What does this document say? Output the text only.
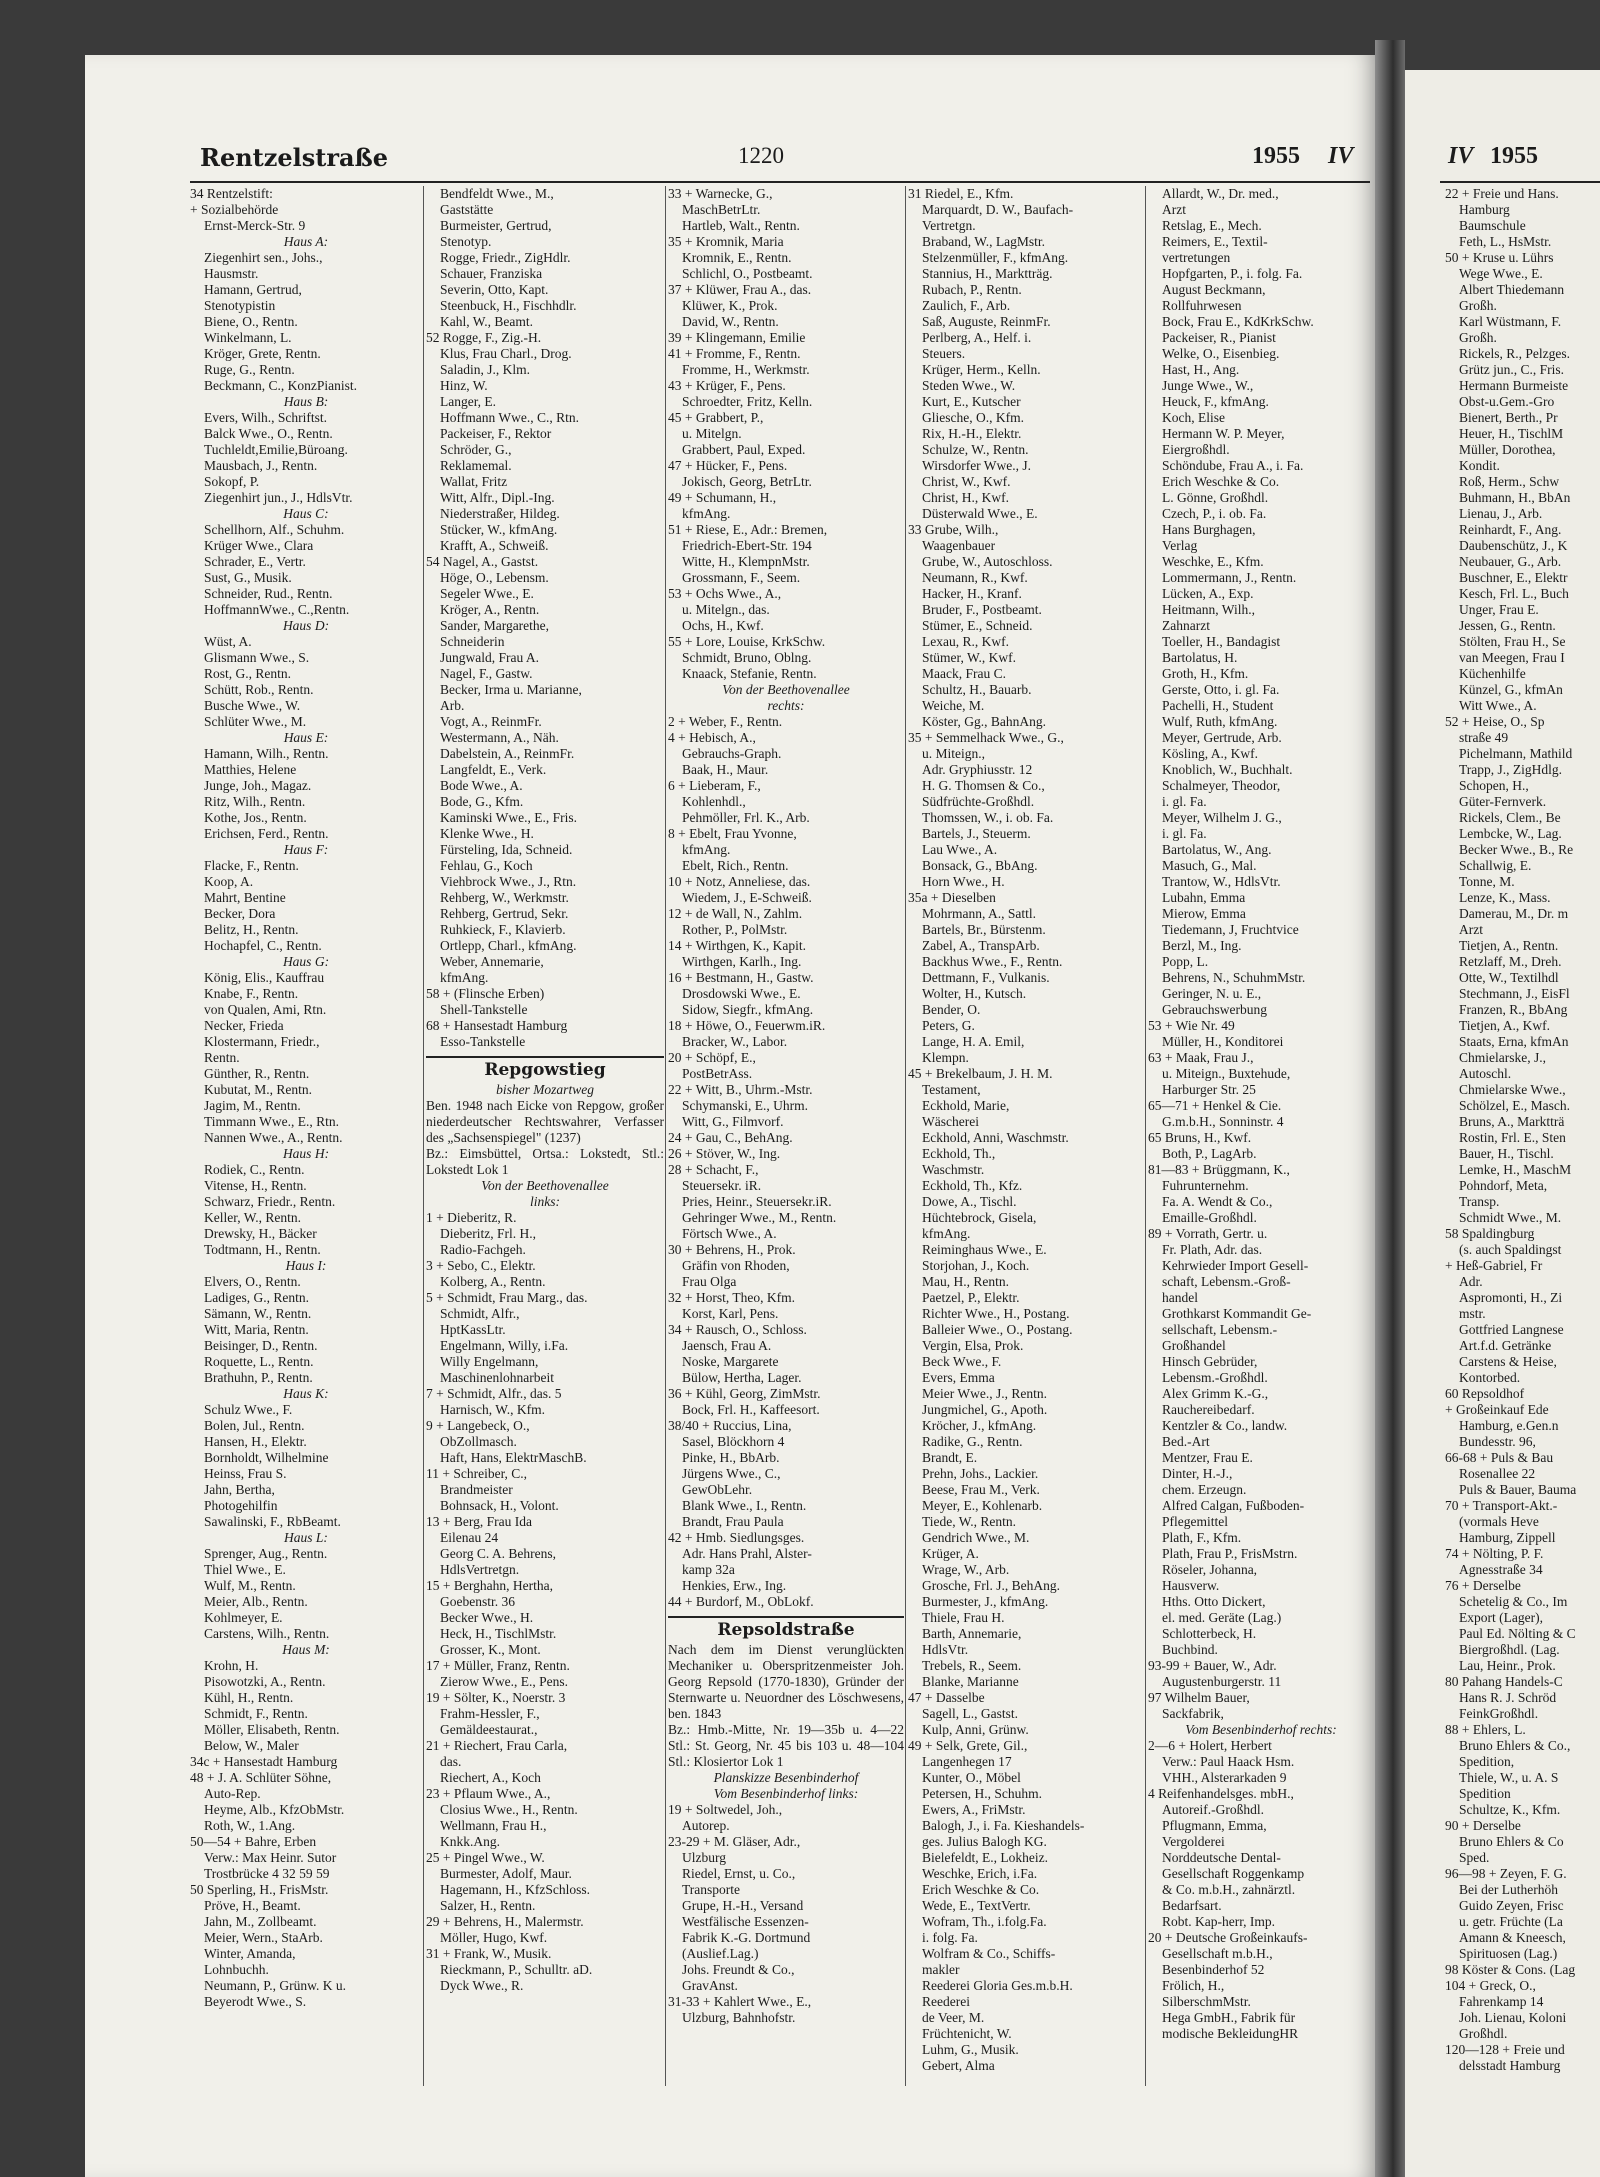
Rentzelstraße	1220	1955 IV	IV 1955
34 Rentzelstift:
+ Sozialbehörde
Ernst-Merck-Str. 9
Haus A:
Ziegenhirt sen., Johs.,
Hausmstr.
Hamann, Gertrud,
Stenotypistin
Biene, O., Rentn.
Winkelmann, L.
Kröger, Grete, Rentn.
Ruge, G., Rentn.
Beckmann, C., KonzPianist.
Haus B:
Evers, Wilh., Schriftst.
Balck Wwe., O., Rentn.
Tuchleldt,Emilie,Büroang.
Mausbach, J., Rentn.
Sokopf, P.
Ziegenhirt jun., J., HdlsVtr.
Haus C:
Schellhorn, Alf., Schuhm.
Krüger Wwe., Clara
Schrader, E., Vertr.
Sust, G., Musik.
Schneider, Rud., Rentn.
HoffmannWwe., C.,Rentn.
Haus D:
Wüst, A.
Glismann Wwe., S.
Rost, G., Rentn.
Schütt, Rob., Rentn.
Busche Wwe., W.
Schlüter Wwe., M.
Haus E:
Hamann, Wilh., Rentn.
Matthies, Helene
Junge, Joh., Magaz.
Ritz, Wilh., Rentn.
Kothe, Jos., Rentn.
Erichsen, Ferd., Rentn.
Haus F:
Flacke, F., Rentn.
Koop, A.
Mahrt, Bentine
Becker, Dora
Belitz, H., Rentn.
Hochapfel, C., Rentn.
Haus G:
König, Elis., Kauffrau
Knabe, F., Rentn.
von Qualen, Ami, Rtn.
Necker, Frieda
Klostermann, Friedr.,
Rentn.
Günther, R., Rentn.
Kubutat, M., Rentn.
Jagim, M., Rentn.
Timmann Wwe., E., Rtn.
Nannen Wwe., A., Rentn.
Haus H:
Rodiek, C., Rentn.
Vitense, H., Rentn.
Schwarz, Friedr., Rentn.
Keller, W., Rentn.
Drewsky, H., Bäcker
Todtmann, H., Rentn.
Haus I:
Elvers, O., Rentn.
Ladiges, G., Rentn.
Sämann, W., Rentn.
Witt, Maria, Rentn.
Beisinger, D., Rentn.
Roquette, L., Rentn.
Brathuhn, P., Rentn.
Haus K:
Schulz Wwe., F.
Bolen, Jul., Rentn.
Hansen, H., Elektr.
Bornholdt, Wilhelmine
Heinss, Frau S.
Jahn, Bertha,
Photogehilfin
Sawalinski, F., RbBeamt.
Haus L:
Sprenger, Aug., Rentn.
Thiel Wwe., E.
Wulf, M., Rentn.
Meier, Alb., Rentn.
Kohlmeyer, E.
Carstens, Wilh., Rentn.
Haus M:
Krohn, H.
Pisowotzki, A., Rentn.
Kühl, H., Rentn.
Schmidt, F., Rentn.
Möller, Elisabeth, Rentn.
Below, W., Maler
34c + Hansestadt Hamburg
48 + J. A. Schlüter Söhne,
Auto-Rep.
Heyme, Alb., KfzObMstr.
Roth, W., 1.Ang.
50—54 + Bahre, Erben
Verw.: Max Heinr. Sutor
Trostbrücke 4 32 59 59
50 Sperling, H., FrisMstr.
Pröve, H., Beamt.
Jahn, M., Zollbeamt.
Meier, Wern., StaArb.
Winter, Amanda,
Lohnbuchh.
Neumann, P., Grünw. K u.
Beyerodt Wwe., S.
Bendfeldt Wwe., M.,
Gaststätte
Burmeister, Gertrud,
Stenotyp.
Rogge, Friedr., ZigHdlr.
Schauer, Franziska
Severin, Otto, Kapt.
Steenbuck, H., Fischhdlr.
Kahl, W., Beamt.
52 Rogge, F., Zig.-H.
Klus, Frau Charl., Drog.
Saladin, J., Klm.
Hinz, W.
Langer, E.
Hoffmann Wwe., C., Rtn.
Packeiser, F., Rektor
Schröder, G.,
Reklamemal.
Wallat, Fritz
Witt, Alfr., Dipl.-Ing.
Niederstraßer, Hildeg.
Stücker, W., kfmAng.
Krafft, A., Schweiß.
54 Nagel, A., Gastst.
Höge, O., Lebensm.
Segeler Wwe., E.
Kröger, A., Rentn.
Sander, Margarethe,
Schneiderin
Jungwald, Frau A.
Nagel, F., Gastw.
Becker, Irma u. Marianne,
Arb.
Vogt, A., ReinmFr.
Westermann, A., Näh.
Dabelstein, A., ReinmFr.
Langfeldt, E., Verk.
Bode Wwe., A.
Bode, G., Kfm.
Kaminski Wwe., E., Fris.
Klenke Wwe., H.
Fürsteling, Ida, Schneid.
Fehlau, G., Koch
Viehbrock Wwe., J., Rtn.
Rehberg, W., Werkmstr.
Rehberg, Gertrud, Sekr.
Ruhkieck, F., Klavierb.
Ortlepp, Charl., kfmAng.
Weber, Annemarie,
kfmAng.
58 + (Flinsche Erben)
Shell-Tankstelle
68 + Hansestadt Hamburg
Esso-Tankstelle
Repgowstieg
bisher Mozartweg
Ben. 1948 nach Eicke von Repgow, großer niederdeutscher Rechtswahrer, Verfasser des „Sachsenspiegel" (1237)
Bz.: Eimsbüttel, Ortsa.: Lokstedt, Stl.: Lokstedt Lok 1
Von der Beethovenallee
links:
1 + Dieberitz, R.
Dieberitz, Frl. H.,
Radio-Fachgeh.
3 + Sebo, C., Elektr.
Kolberg, A., Rentn.
5 + Schmidt, Frau Marg., das.
Schmidt, Alfr.,
HptKassLtr.
Engelmann, Willy, i.Fa.
Willy Engelmann,
Maschinenlohnarbeit
7 + Schmidt, Alfr., das. 5
Harnisch, W., Kfm.
9 + Langebeck, O.,
ObZollmasch.
Haft, Hans, ElektrMaschB.
11 + Schreiber, C.,
Brandmeister
Bohnsack, H., Volont.
13 + Berg, Frau Ida
Eilenau 24
Georg C. A. Behrens,
HdlsVertretgn.
15 + Berghahn, Hertha,
Goebenstr. 36
Becker Wwe., H.
Heck, H., TischlMstr.
Grosser, K., Mont.
17 + Müller, Franz, Rentn.
Zierow Wwe., E., Pens.
19 + Sölter, K., Noerstr. 3
Frahm-Hessler, F.,
Gemäldeestaurat.,
21 + Riechert, Frau Carla,
das.
Riechert, A., Koch
23 + Pflaum Wwe., A.,
Closius Wwe., H., Rentn.
Wellmann, Frau H.,
Knkk.Ang.
25 + Pingel Wwe., W.
Burmester, Adolf, Maur.
Hagemann, H., KfzSchloss.
Salzer, H., Rentn.
29 + Behrens, H., Malermstr.
Möller, Hugo, Kwf.
31 + Frank, W., Musik.
Rieckmann, P., Schulltr. aD.
Dyck Wwe., R.
33 + Warnecke, G.,
MaschBetrLtr.
Hartleb, Walt., Rentn.
35 + Kromnik, Maria
Kromnik, E., Rentn.
Schlichl, O., Postbeamt.
37 + Klüwer, Frau A., das.
Klüwer, K., Prok.
David, W., Rentn.
39 + Klingemann, Emilie
41 + Fromme, F., Rentn.
Fromme, H., Werkmstr.
43 + Krüger, F., Pens.
Schroedter, Fritz, Kelln.
45 + Grabbert, P.,
u. Mitelgn.
Grabbert, Paul, Exped.
47 + Hücker, F., Pens.
Jokisch, Georg, BetrLtr.
49 + Schumann, H.,
kfmAng.
51 + Riese, E., Adr.: Bremen,
Friedrich-Ebert-Str. 194
Witte, H., KlempnMstr.
Grossmann, F., Seem.
53 + Ochs Wwe., A.,
u. Mitelgn., das.
Ochs, H., Kwf.
55 + Lore, Louise, KrkSchw.
Schmidt, Bruno, Oblng.
Knaack, Stefanie, Rentn.
Von der Beethovenallee
rechts:
2 + Weber, F., Rentn.
4 + Hebisch, A.,
Gebrauchs-Graph.
Baak, H., Maur.
6 + Lieberam, F.,
Kohlenhdl.,
Pehmöller, Frl. K., Arb.
8 + Ebelt, Frau Yvonne,
kfmAng.
Ebelt, Rich., Rentn.
10 + Notz, Anneliese, das.
Wiedem, J., E-Schweiß.
12 + de Wall, N., Zahlm.
Rother, P., PolMstr.
14 + Wirthgen, K., Kapit.
Wirthgen, Karlh., Ing.
16 + Bestmann, H., Gastw.
Drosdowski Wwe., E.
Sidow, Siegfr., kfmAng.
18 + Höwe, O., Feuerwm.iR.
Bracker, W., Labor.
20 + Schöpf, E.,
PostBetrAss.
22 + Witt, B., Uhrm.-Mstr.
Schymanski, E., Uhrm.
Witt, G., Filmvorf.
24 + Gau, C., BehAng.
26 + Stöver, W., Ing.
28 + Schacht, F.,
Steuersekr. iR.
Pries, Heinr., Steuersekr.iR.
Gehringer Wwe., M., Rentn.
Förtsch Wwe., A.
30 + Behrens, H., Prok.
Gräfin von Rhoden,
Frau Olga
32 + Horst, Theo, Kfm.
Korst, Karl, Pens.
34 + Rausch, O., Schloss.
Jaensch, Frau A.
Noske, Margarete
Bülow, Hertha, Lager.
36 + Kühl, Georg, ZimMstr.
Bock, Frl. H., Kaffeesort.
38/40 + Ruccius, Lina,
Sasel, Blöckhorn 4
Pinke, H., BbArb.
Jürgens Wwe., C.,
GewObLehr.
Blank Wwe., I., Rentn.
Brandt, Frau Paula
42 + Hmb. Siedlungsges.
Adr. Hans Prahl, Alster-
kamp 32a
Henkies, Erw., Ing.
44 + Burdorf, M., ObLokf.
Repsoldstraße
Nach dem im Dienst verunglückten Mechaniker u. Oberspritzenmeister Joh. Georg Repsold (1770-1830), Gründer der Sternwarte u. Neuordner des Löschwesens, ben. 1843
Bz.: Hmb.-Mitte, Nr. 19—35b u. 4—22 Stl.: St. Georg, Nr. 45 bis 103 u. 48—104 Stl.: Klosiertor Lok 1
Planskizze Besenbinderhof
Vom Besenbinderhof links:
19 + Soltwedel, Joh.,
Autorep.
23-29 + M. Gläser, Adr.,
Ulzburg
Riedel, Ernst, u. Co.,
Transporte
Grupe, H.-H., Versand
Westfälische Essenzen-
Fabrik K.-G. Dortmund
(Auslief.Lag.)
Johs. Freundt & Co.,
GravAnst.
31-33 + Kahlert Wwe., E.,
Ulzburg, Bahnhofstr.
31 Riedel, E., Kfm.
Marquardt, D. W., Baufach-
Vertretgn.
Braband, W., LagMstr.
Stelzenmüller, F., kfmAng.
Stannius, H., Marktträg.
Rubach, P., Rentn.
Zaulich, F., Arb.
Saß, Auguste, ReinmFr.
Perlberg, A., Helf. i.
Steuers.
Krüger, Herm., Kelln.
Steden Wwe., W.
Kurt, E., Kutscher
Gliesche, O., Kfm.
Rix, H.-H., Elektr.
Schulze, W., Rentn.
Wirsdorfer Wwe., J.
Christ, W., Kwf.
Christ, H., Kwf.
Düsterwald Wwe., E.
33 Grube, Wilh.,
Waagenbauer
Grube, W., Autoschloss.
Neumann, R., Kwf.
Hacker, H., Kranf.
Bruder, F., Postbeamt.
Stümer, E., Schneid.
Lexau, R., Kwf.
Stümer, W., Kwf.
Maack, Frau C.
Schultz, H., Bauarb.
Weiche, M.
Köster, Gg., BahnAng.
35 + Semmelhack Wwe., G.,
u. Miteign.,
Adr. Gryphiusstr. 12
H. G. Thomsen & Co.,
Südfrüchte-Großhdl.
Thomssen, W., i. ob. Fa.
Bartels, J., Steuerm.
Lau Wwe., A.
Bonsack, G., BbAng.
Horn Wwe., H.
35a + Dieselben
Mohrmann, A., Sattl.
Bartels, Br., Bürstenm.
Zabel, A., TranspArb.
Backhus Wwe., F., Rentn.
Dettmann, F., Vulkanis.
Wolter, H., Kutsch.
Bender, O.
Peters, G.
Lange, H. A. Emil,
Klempn.
45 + Brekelbaum, J. H. M.
Testament,
Eckhold, Marie,
Wäscherei
Eckhold, Anni, Waschmstr.
Eckhold, Th.,
Waschmstr.
Eckhold, Th., Kfz.
Dowe, A., Tischl.
Hüchtebrock, Gisela,
kfmAng.
Reiminghaus Wwe., E.
Storjohan, J., Koch.
Mau, H., Rentn.
Paetzel, P., Elektr.
Richter Wwe., H., Postang.
Balleier Wwe., O., Postang.
Vergin, Elsa, Prok.
Beck Wwe., F.
Evers, Emma
Meier Wwe., J., Rentn.
Jungmichel, G., Apoth.
Kröcher, J., kfmAng.
Radike, G., Rentn.
Brandt, E.
Prehn, Johs., Lackier.
Beese, Frau M., Verk.
Meyer, E., Kohlenarb.
Tiede, W., Rentn.
Gendrich Wwe., M.
Krüger, A.
Wrage, W., Arb.
Grosche, Frl. J., BehAng.
Burmester, J., kfmAng.
Thiele, Frau H.
Barth, Annemarie,
HdlsVtr.
Trebels, R., Seem.
Blanke, Marianne
47 + Dasselbe
Sagell, L., Gastst.
Kulp, Anni, Grünw.
49 + Selk, Grete, Gil.,
Langenhegen 17
Kunter, O., Möbel
Petersen, H., Schuhm.
Ewers, A., FriMstr.
Balogh, J., i. Fa. Kieshandels-
ges. Julius Balogh KG.
Bielefeldt, E., Lokheiz.
Weschke, Erich, i.Fa.
Erich Weschke & Co.
Wede, E., TextVertr.
Wofram, Th., i.folg.Fa.
i. folg. Fa.
Wolfram & Co., Schiffs-
makler
Reederei Gloria Ges.m.b.H.
Reederei
de Veer, M.
Früchtenicht, W.
Luhm, G., Musik.
Gebert, Alma
Allardt, W., Dr. med.,
Arzt
Retslag, E., Mech.
Reimers, E., Textil-
vertretungen
Hopfgarten, P., i. folg. Fa.
August Beckmann,
Rollfuhrwesen
Bock, Frau E., KdKrkSchw.
Packeiser, R., Pianist
Welke, O., Eisenbieg.
Hast, H., Ang.
Junge Wwe., W.,
Heuck, F., kfmAng.
Koch, Elise
Hermann W. P. Meyer,
Eiergroßhdl.
Schöndube, Frau A., i. Fa.
Erich Weschke & Co.
L. Gönne, Großhdl.
Czech, P., i. ob. Fa.
Hans Burghagen,
Verlag
Weschke, E., Kfm.
Lommermann, J., Rentn.
Lücken, A., Exp.
Heitmann, Wilh.,
Zahnarzt
Toeller, H., Bandagist
Bartolatus, H.
Groth, H., Kfm.
Gerste, Otto, i. gl. Fa.
Pachelli, H., Student
Wulf, Ruth, kfmAng.
Meyer, Gertrude, Arb.
Kösling, A., Kwf.
Knoblich, W., Buchhalt.
Schalmeyer, Theodor,
i. gl. Fa.
Meyer, Wilhelm J. G.,
i. gl. Fa.
Bartolatus, W., Ang.
Masuch, G., Mal.
Trantow, W., HdlsVtr.
Lubahn, Emma
Mierow, Emma
Tiedemann, J, Fruchtvice
Berzl, M., Ing.
Popp, L.
Behrens, N., SchuhmMstr.
Geringer, N. u. E.,
Gebrauchswerbung
53 + Wie Nr. 49
Müller, H., Konditorei
63 + Maak, Frau J.,
u. Miteign., Buxtehude,
Harburger Str. 25
65—71 + Henkel & Cie.
G.m.b.H., Sonninstr. 4
65 Bruns, H., Kwf.
Both, P., LagArb.
81—83 + Brüggmann, K.,
Fuhrunternehm.
Fa. A. Wendt & Co.,
Emaille-Großhdl.
89 + Vorrath, Gertr. u.
Fr. Plath, Adr. das.
Kehrwieder Import Gesell-
schaft, Lebensm.-Groß-
handel
Grothkarst Kommandit Ge-
sellschaft, Lebensm.-
Großhandel
Hinsch Gebrüder,
Lebensm.-Großhdl.
Alex Grimm K.-G.,
Rauchereibedarf.
Kentzler & Co., landw.
Bed.-Art
Mentzer, Frau E.
Dinter, H.-J.,
chem. Erzeugn.
Alfred Calgan, Fußboden-
Pflegemittel
Plath, F., Kfm.
Plath, Frau P., FrisMstrn.
Röseler, Johanna,
Hausverw.
Hths. Otto Dickert,
el. med. Geräte (Lag.)
Schlotterbeck, H.
Buchbind.
93-99 + Bauer, W., Adr.
Augustenburgerstr. 11
97 Wilhelm Bauer,
Sackfabrik,
Vom Besenbinderhof rechts:
2—6 + Holert, Herbert
Verw.: Paul Haack Hsm.
VHH., Alsterarkaden 9
4 Reifenhandelsges. mbH.,
Autoreif.-Großhdl.
Pflugmann, Emma,
Vergolderei
Norddeutsche Dental-
Gesellschaft Roggenkamp
& Co. m.b.H., zahnärztl.
Bedarfsart.
Robt. Kap-herr, Imp.
20 + Deutsche Großeinkaufs-
Gesellschaft m.b.H.,
Besenbinderhof 52
Frölich, H.,
SilberschmMstr.
Hega GmbH., Fabrik für
modische BekleidungHR
22 + Freie und Hans.
Hamburg
Baumschule
Feth, L., HsMstr.
50 + Kruse u. Lührs
Wege Wwe., E.
Albert Thiedemann
Großh.
Karl Wüstmann, F.
Großh.
Rickels, R., Pelzges.
Grütz jun., C., Fris.
Hermann Burmeiste
Obst-u.Gem.-Gro
Bienert, Berth., Pr
Heuer, H., TischlM
Müller, Dorothea,
Kondit.
Roß, Herm., Schw
Buhmann, H., BbAn
Lienau, J., Arb.
Reinhardt, F., Ang.
Daubenschütz, J., K
Neubauer, G., Arb.
Buschner, E., Elektr
Kesch, Frl. L., Buch
Unger, Frau E.
Jessen, G., Rentn.
Stölten, Frau H., Se
van Meegen, Frau I
Küchenhilfe
Künzel, G., kfmAn
Witt Wwe., A.
52 + Heise, O., Sp
straße 49
Pichelmann, Mathild
Trapp, J., ZigHdlg.
Schopen, H.,
Güter-Fernverk.
Rickels, Clem., Be
Lembcke, W., Lag.
Becker Wwe., B., Re
Schallwig, E.
Tonne, M.
Lenze, K., Mass.
Damerau, M., Dr. m
Arzt
Tietjen, A., Rentn.
Retzlaff, M., Dreh.
Otte, W., Textilhdl
Stechmann, J., EisFl
Franzen, R., BbAng
Tietjen, A., Kwf.
Staats, Erna, kfmAn
Chmielarske, J.,
Autoschl.
Chmielarske Wwe.,
Schölzel, E., Masch.
Bruns, A., Marktträ
Rostin, Frl. E., Sten
Bauer, H., Tischl.
Lemke, H., MaschM
Pohndorf, Meta,
Transp.
Schmidt Wwe., M.
58 Spaldingburg
(s. auch Spaldingst
+ Heß-Gabriel, Fr
Adr.
Aspromonti, H., Zi
mstr.
Gottfried Langnese
Art.f.d. Getränke
Carstens & Heise,
Kontorbed.
60 Repsoldhof
+ Großeinkauf Ede
Hamburg, e.Gen.n
Bundesstr. 96,
66-68 + Puls & Bau
Rosenallee 22
Puls & Bauer, Bauma
70 + Transport-Akt.-
(vormals Heve
Hamburg, Zippell
74 + Nölting, P. F.
Agnesstraße 34
76 + Derselbe
Schetelig & Co., Im
Export (Lager),
Paul Ed. Nölting & C
Biergroßhdl. (Lag.
Lau, Heinr., Prok.
80 Pahang Handels-C
Hans R. J. Schröd
FeinkGroßhdl.
88 + Ehlers, L.
Bruno Ehlers & Co.,
Spedition,
Thiele, W., u. A. S
Spedition
Schultze, K., Kfm.
90 + Derselbe
Bruno Ehlers & Co
Sped.
96—98 + Zeyen, F. G.
Bei der Lutherhöh
Guido Zeyen, Frisc
u. getr. Früchte (La
Amann & Kneesch,
Spirituosen (Lag.)
98 Köster & Cons. (Lag
104 + Greck, O.,
Fahrenkamp 14
Joh. Lienau, Koloni
Großhdl.
120—128 + Freie und
delsstadt Hamburg
